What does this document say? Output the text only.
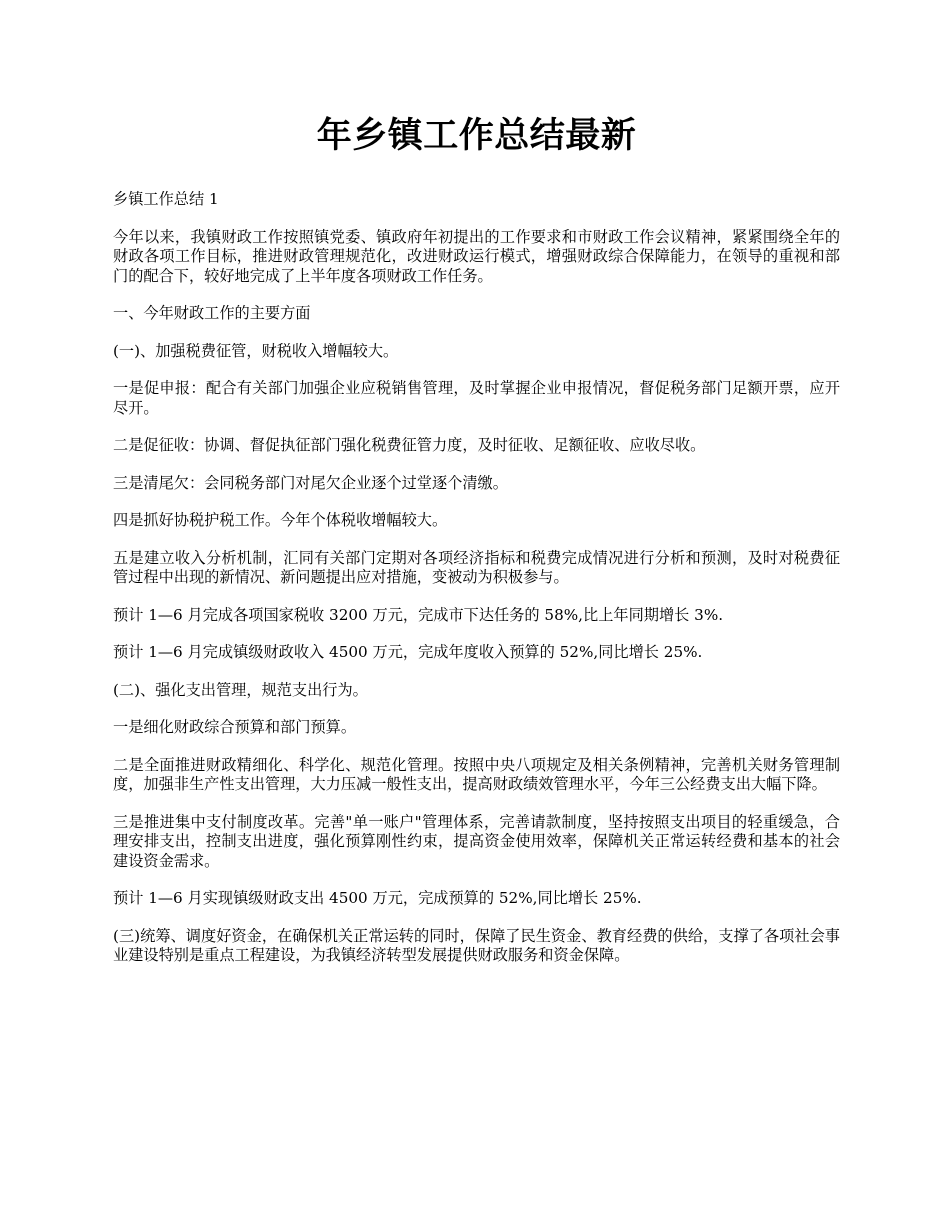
年乡镇工作总结最新

乡镇工作总结 1

今年以来，我镇财政工作按照镇党委、镇政府年初提出的工作要求和市财政工作会议精神，紧紧围绕全年的财政各项工作目标，推进财政管理规范化，改进财政运行模式，增强财政综合保障能力，在领导的重视和部门的配合下，较好地完成了上半年度各项财政工作任务。

一、今年财政工作的主要方面

(一)、加强税费征管，财税收入增幅较大。

一是促申报：配合有关部门加强企业应税销售管理，及时掌握企业申报情况，督促税务部门足额开票，应开尽开。

二是促征收：协调、督促执征部门强化税费征管力度，及时征收、足额征收、应收尽收。

三是清尾欠：会同税务部门对尾欠企业逐个过堂逐个清缴。

四是抓好协税护税工作。今年个体税收增幅较大。

五是建立收入分析机制，汇同有关部门定期对各项经济指标和税费完成情况进行分析和预测，及时对税费征管过程中出现的新情况、新问题提出应对措施，变被动为积极参与。

预计 1—6 月完成各项国家税收 3200 万元，完成市下达任务的 58%,比上年同期增长 3%.

预计 1—6 月完成镇级财政收入 4500 万元，完成年度收入预算的 52%,同比增长 25%.

(二)、强化支出管理，规范支出行为。

一是细化财政综合预算和部门预算。

二是全面推进财政精细化、科学化、规范化管理。按照中央八项规定及相关条例精神，完善机关财务管理制度，加强非生产性支出管理，大力压减一般性支出，提高财政绩效管理水平，今年三公经费支出大幅下降。

三是推进集中支付制度改革。完善"单一账户"管理体系，完善请款制度，坚持按照支出项目的轻重缓急，合理安排支出，控制支出进度，强化预算刚性约束，提高资金使用效率，保障机关正常运转经费和基本的社会建设资金需求。

预计 1—6 月实现镇级财政支出 4500 万元，完成预算的 52%,同比增长 25%.

(三)统筹、调度好资金，在确保机关正常运转的同时，保障了民生资金、教育经费的供给，支撑了各项社会事业建设特别是重点工程建设，为我镇经济转型发展提供财政服务和资金保障。
